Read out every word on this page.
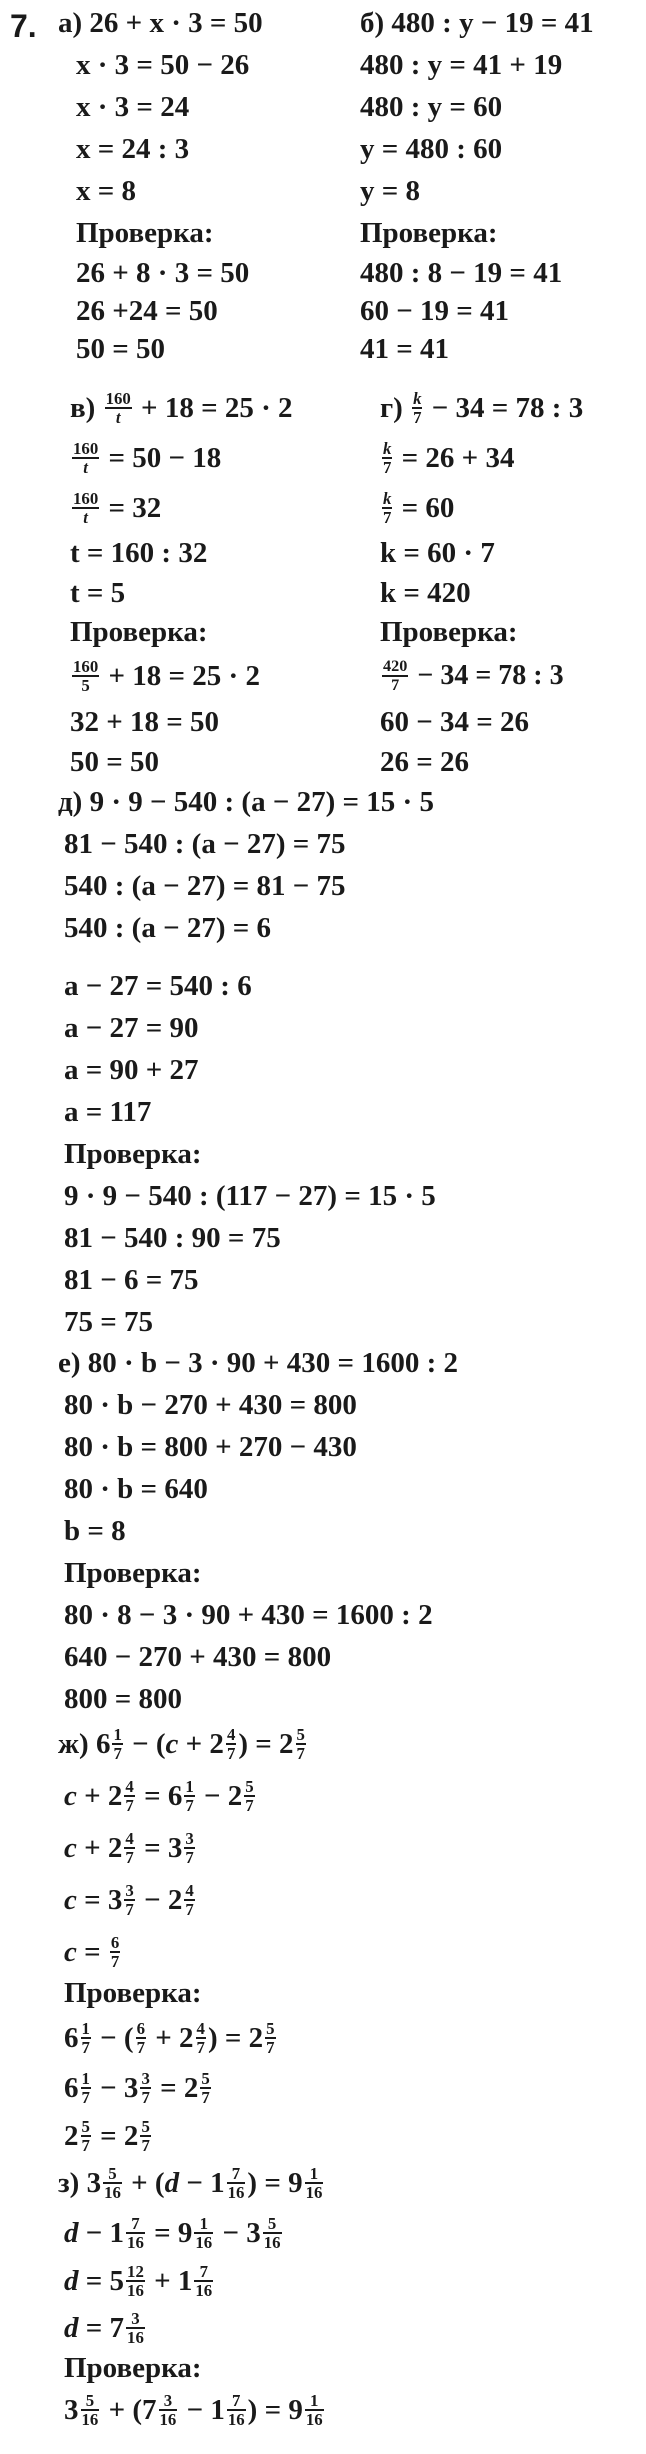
7. а) 26 + x · 3 = 50
x · 3 = 50 − 26
x · 3 = 24
x = 24 : 3
x = 8
Проверка:
26 + 8 · 3 = 50
26 +24 = 50
50 = 50
б) 480 : y − 19 = 41
480 : y = 41 + 19
480 : y = 60
y = 480 : 60
y = 8
Проверка:
480 : 8 − 19 = 41
60 − 19 = 41
41 = 41
$в) \frac{160}{t} + 18 = 25 \cdot 2$
$\frac{160}{t} = 50 - 18$
$\frac{160}{t} = 32$
t = 160 : 32
t = 5
Проверка:
$\frac{160}{5} + 18 = 25 \cdot 2$
32 + 18 = 50
50 = 50
$г) \frac{k}{7} - 34 = 78$ : 3
$\frac{k}{7} = 26 + 34$
$\frac{k}{7} = 60$
k = 60 · 7
k = 420
Проверка:
$\frac{420}{7} - 34 = 78$ : 3
60 − 34 = 26
26 = 26
д) 9 · 9 − 540 : (a − 27) = 15 · 5
81 − 540 : (a − 27) = 75
540 : (a − 27) = 81 − 75
540 : (a − 27) = 6
a − 27 = 540 : 6
a − 27 = 90
a = 90 + 27
a = 117
Проверка:
9 · 9 − 540 : (117 − 27) = 15 · 5
81 − 540 : 90 = 75
81 − 6 = 75
75 = 75
е) 80 · b − 3 · 90 + 430 = 1600 : 2
80 · b − 270 + 430 = 800
80 · b = 800 + 270 − 430
80 · b = 640
b = 8
Проверка:
80 · 8 − 3 · 90 + 430 = 1600 : 2
640 − 270 + 430 = 800
800 = 800
ж) $6 \frac{1}{7} - (c + 2 \frac{4}{7}$ ) = $2 \frac{5}{7}$
$c + 2 \frac{4}{7} = 6 \frac{1}{7} - 2 \frac{5}{7}$
$c + 2 \frac{4}{7} = 3 \frac{3}{7}$
$c = 3 \frac{3}{7} - 2 \frac{4}{7}$
$c = \frac{6}{7}$
Проверка:
$6 \frac{1}{7}$ − ( $\frac{6}{7} + 2 \frac{4}{7}$ ) = $2 \frac{5}{7}$
$6 \frac{1}{7} - 3 \frac{3}{7} = 2 \frac{5}{7}$
$2 \frac{5}{7} = 2 \frac{5}{7}$
з) $3 \frac{5}{16} + (d - 1 \frac{7}{16}$ ) = $9 \frac{1}{16}$
$d - 1 \frac{7}{16} = 9 \frac{1}{16} - 3 \frac{5}{16}$
$d = 5 \frac{12}{16} + 1 \frac{7}{16}$
$d = 7 \frac{3}{16}$
Проверка:
$3 \frac{5}{16} + (7 \frac{3}{16} - 1 \frac{7}{16}$ ) = $9 \frac{1}{16}$
